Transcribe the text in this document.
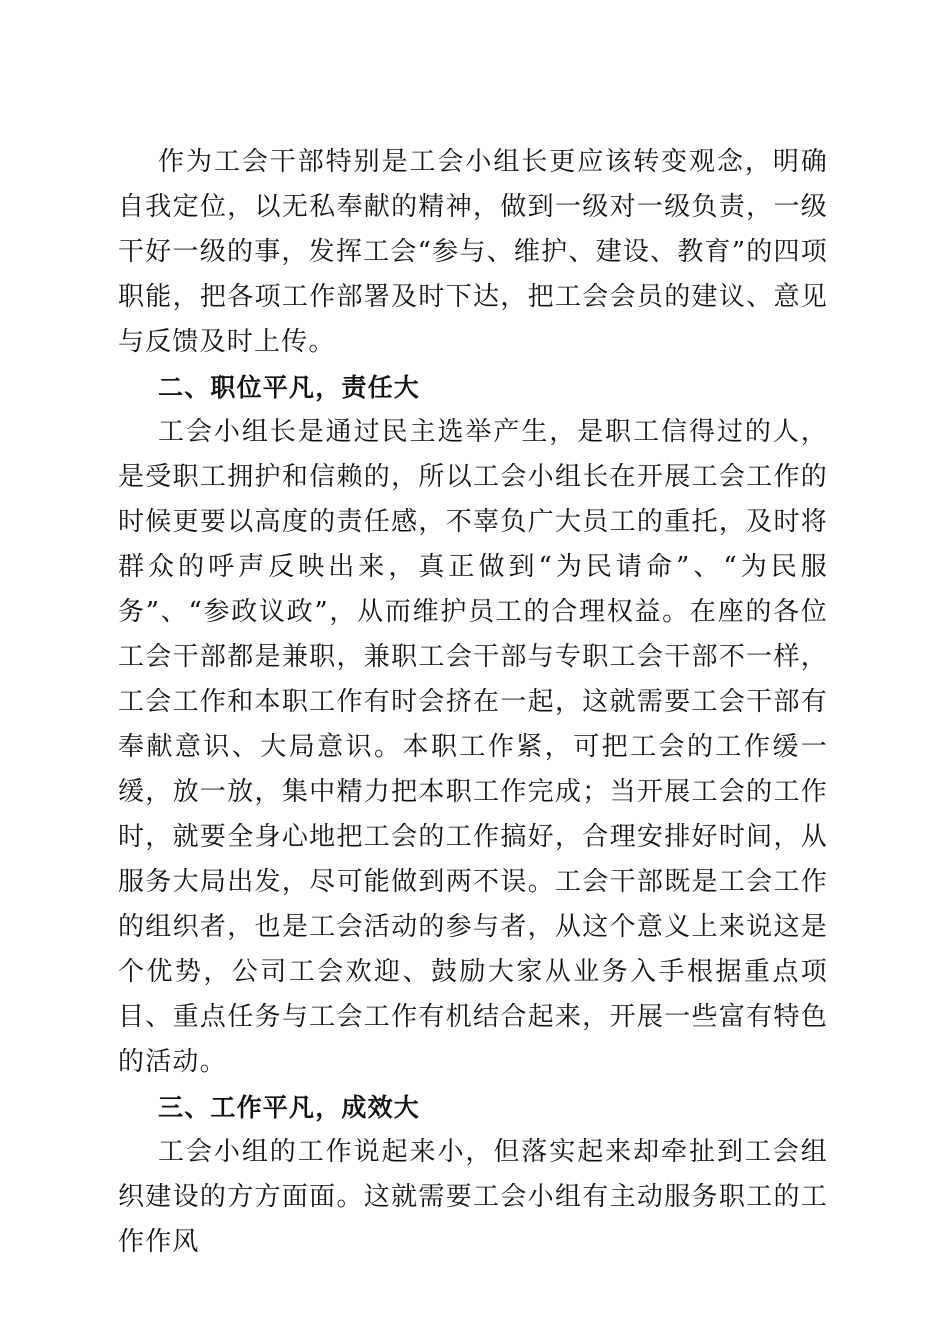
作为工会干部特别是工会小组长更应该转变观念，明确自我定位，以无私奉献的精神，做到一级对一级负责，一级干好一级的事，发挥工会“参与、维护、建设、教育”的四项职能，把各项工作部署及时下达，把工会会员的建议、意见与反馈及时上传。

二、职位平凡，责任大

工会小组长是通过民主选举产生，是职工信得过的人，是受职工拥护和信赖的，所以工会小组长在开展工会工作的时候更要以高度的责任感，不辜负广大员工的重托，及时将群众的呼声反映出来，真正做到“为民请命”、“为民服务”、“参政议政”，从而维护员工的合理权益。在座的各位工会干部都是兼职，兼职工会干部与专职工会干部不一样，工会工作和本职工作有时会挤在一起，这就需要工会干部有奉献意识、大局意识。本职工作紧，可把工会的工作缓一缓，放一放，集中精力把本职工作完成；当开展工会的工作时，就要全身心地把工会的工作搞好，合理安排好时间，从服务大局出发，尽可能做到两不误。工会干部既是工会工作的组织者，也是工会活动的参与者，从这个意义上来说这是个优势，公司工会欢迎、鼓励大家从业务入手根据重点项目、重点任务与工会工作有机结合起来，开展一些富有特色的活动。

三、工作平凡，成效大

工会小组的工作说起来小，但落实起来却牵扯到工会组织建设的方方面面。这就需要工会小组有主动服务职工的工作作风
